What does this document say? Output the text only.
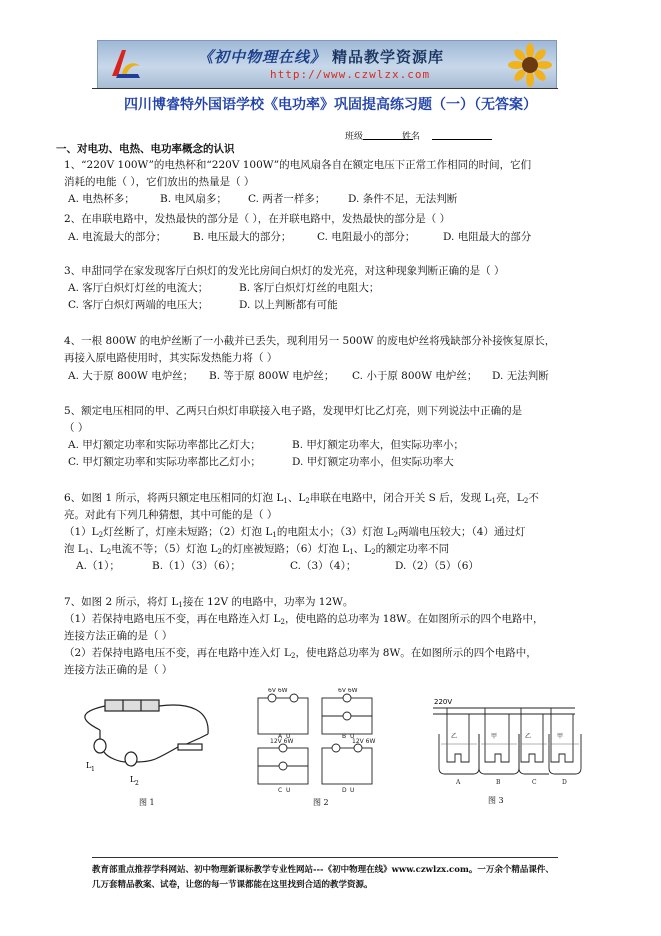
《初中物理在线》 精品教学资源库
http://www.czwlzx.com
四川博睿特外国语学校《电功率》巩固提高练习题（一）（无答案）
班级	姓名
一、对电功、电热、电功率概念的认识
1、“220V 100W”的电热杯和“220V 100W”的电风扇各自在额定电压下正常工作相同的时间，它们
消耗的电能（ ），它们放出的热量是（ ）
A. 电热杯多； B. 电风扇多； C. 两者一样多； D. 条件不足，无法判断
2、在串联电路中，发热最快的部分是（ ），在并联电路中，发热最快的部分是（ ）
A. 电流最大的部分；	B. 电压最大的部分； C. 电阻最小的部分；	D. 电阻最大的部分
3、申甜同学在家发现客厅白炽灯的发光比房间白炽灯的发光亮，对这种现象判断正确的是（ ）
A. 客厅白炽灯灯丝的电流大；	B. 客厅白炽灯灯丝的电阻大；
C. 客厅白炽灯两端的电压大；	D. 以上判断都有可能
4、一根 800W 的电炉丝断了一小截并已丢失，现利用另一 500W 的废电炉丝将残缺部分补接恢复原长，
再接入原电路使用时，其实际发热能力将（ ）
A. 大于原 800W 电炉丝； B. 等于原 800W 电炉丝； C. 小于原 800W 电炉丝； D. 无法判断
5、额定电压相同的甲、乙两只白炽灯串联接入电子路，发现甲灯比乙灯亮，则下列说法中正确的是
（ ）
A. 甲灯额定功率和实际功率都比乙灯大；	B. 甲灯额定功率大，但实际功率小；
C. 甲灯额定功率和实际功率都比乙灯小；	D. 甲灯额定功率小，但实际功率大
6、如图 1 所示，将两只额定电压相同的灯泡 $L_1$、$L_2$串联在电路中，闭合开关 S 后，发现 $L_1$亮，$L_2$不
亮。对此有下列几种猜想，其中可能的是（ ）
$(1)L_2$灯丝断了，灯座未短路；（2）灯泡 $L_1$的电阻太小；（3）灯泡 $L_2$两端电压较大；（4）通过灯
泡 $L_1$、$L_2$电流不等；（5）灯泡 $L_2$的灯座被短路；（6）灯泡 $L_1$、$L_2$的额定功率不同
A.（1）；	B.（1）（3）（6）；	C.（3）（4）；	D.（2）（5）（6）
7、如图 2 所示，将灯 $L_1$接在 12V 的电路中，功率为 12W。
（1）若保持电路电压不变，再在电路连入灯 $L_2$，使电路的总功率为 18W。在如图所示的四个电路中，
连接方法正确的是（ ）
（2）若保持电路电压不变，再在电路中连入灯 $L_2$，使电路总功率为 8W。在如图所示的四个电路中，
连接方法正确的是（ ）
L 1
L 2
图 1
6V 6W	6V 6W
12V 6W	12V 6W
A U	B U
C U	D U
图 2
220V
乙	甲	乙	甲
A	B	C	D
图 3
教育部重点推荐学科网站、初中物理新课标教学专业性网站---《初中物理在线》www.czwlzx.com。一万余个精品课件、
几万套精品教案、试卷，让您的每一节课都能在这里找到合适的教学资源。
